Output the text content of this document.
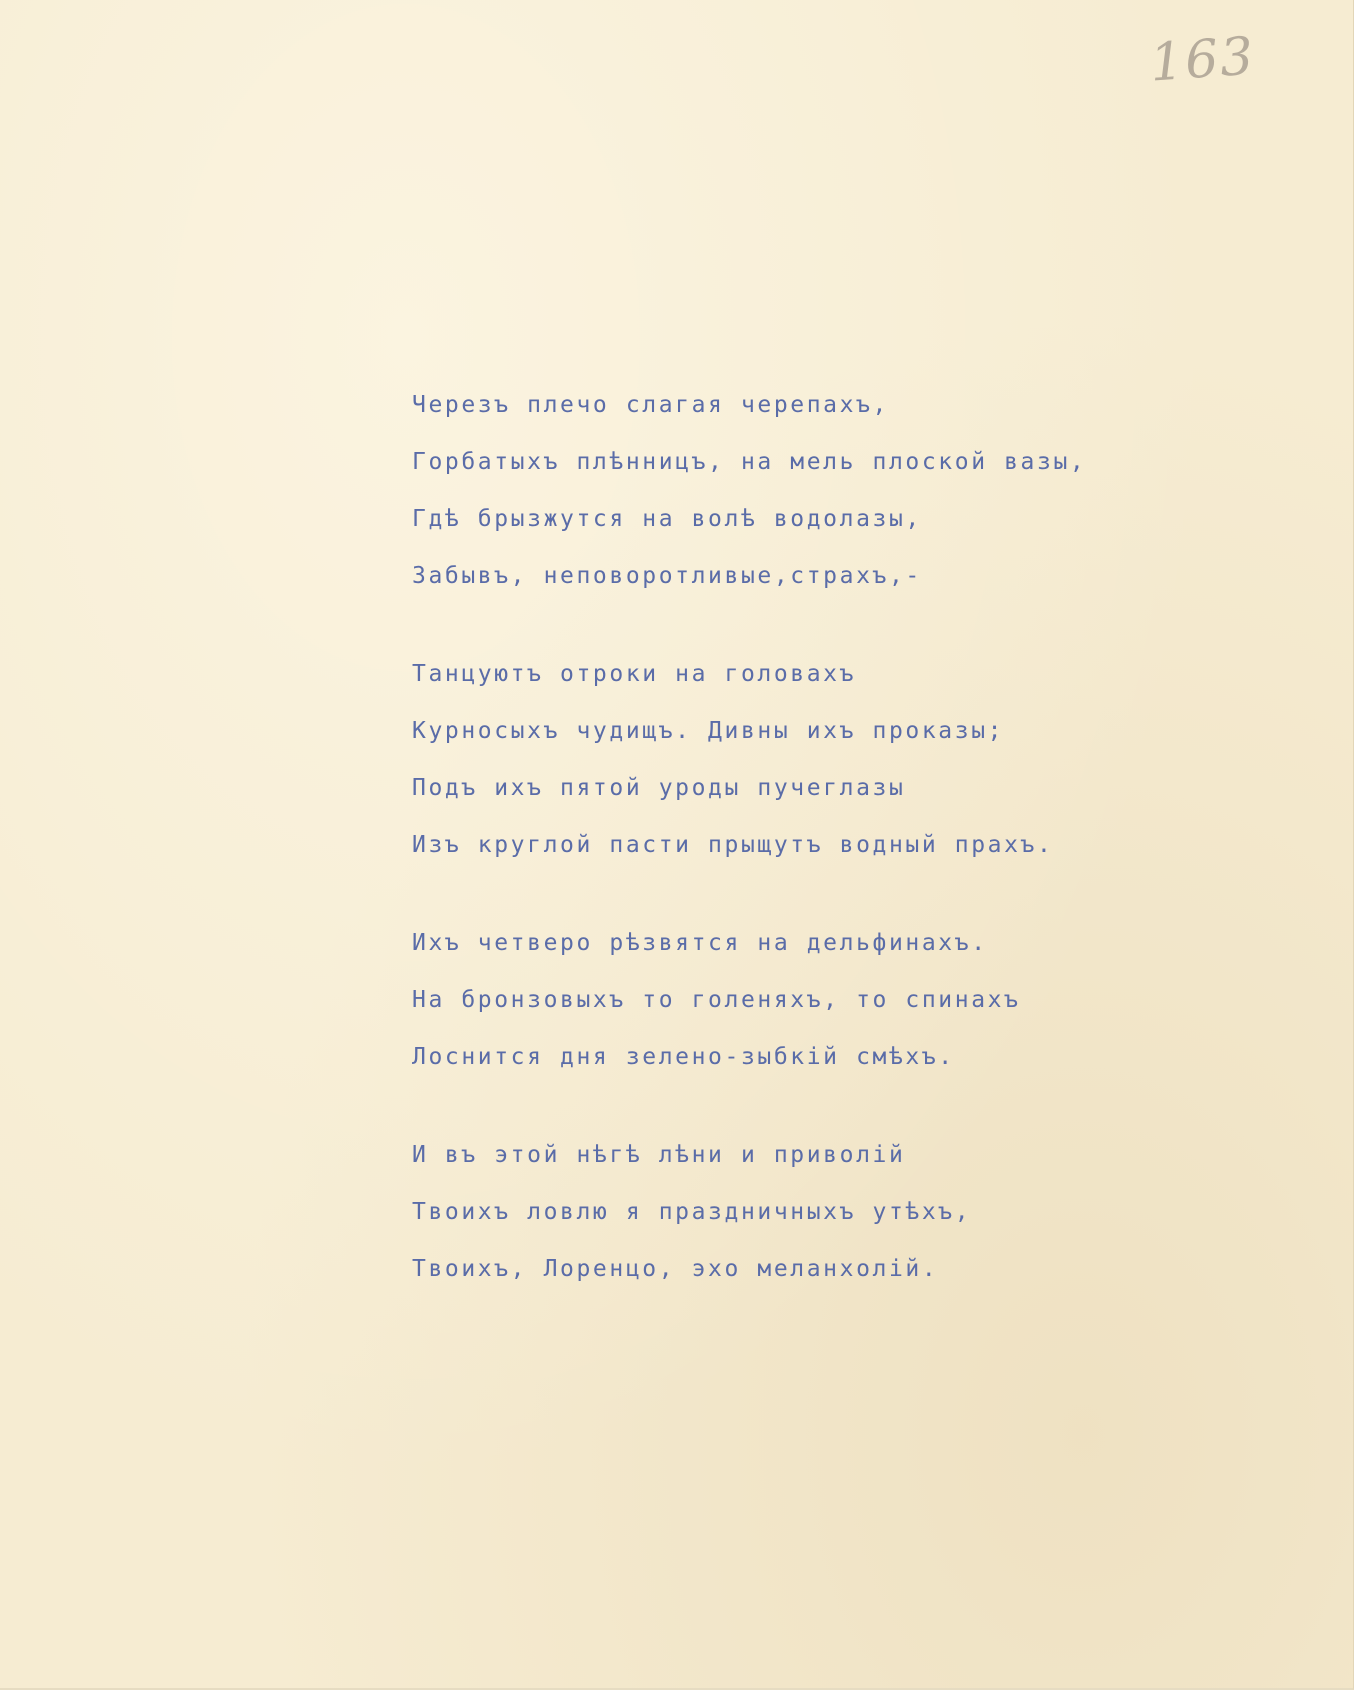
163
Черезъ плечо слагая черепахъ,
Горбатыхъ плѣнницъ, на мель плоской вазы,
Гдѣ брызжутся на волѣ водолазы,
Забывъ, неповоротливые,страхъ,-
Танцуютъ отроки на головахъ
Курносыхъ чудищъ. Дивны ихъ проказы;
Подъ ихъ пятой уроды пучеглазы
Изъ круглой пасти прыщутъ водный прахъ.
Ихъ четверо рѣзвятся на дельфинахъ.
На бронзовыхъ то голеняхъ, то спинахъ
Лоснится дня зелено-зыбкій смѣхъ.
И въ этой нѣгѣ лѣни и приволій
Твоихъ ловлю я праздничныхъ утѣхъ,
Твоихъ, Лоренцо, эхо меланхолій.
